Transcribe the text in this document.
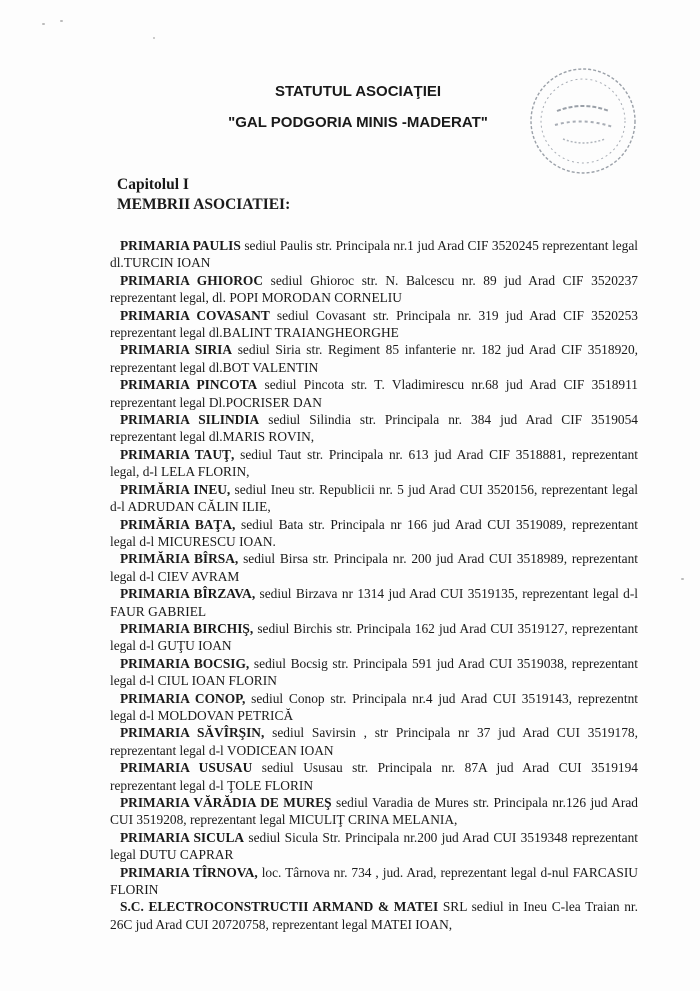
STATUTUL ASOCIAŢIEI
"GAL PODGORIA MINIS -MADERAT"
Capitolul I
MEMBRII ASOCIATIEI:
PRIMARIA PAULIS sediul Paulis str. Principala nr.1 jud Arad CIF 3520245 reprezentant legal dl.TURCIN IOAN
PRIMARIA GHIOROC sediul Ghioroc str. N. Balcescu nr. 89 jud Arad CIF 3520237 reprezentant legal, dl. POPI MORODAN CORNELIU
PRIMARIA COVASANT sediul Covasant str. Principala nr. 319 jud Arad CIF 3520253 reprezentant legal dl.BALINT TRAIANGHEORGHE
PRIMARIA SIRIA sediul Siria str. Regiment 85 infanterie nr. 182 jud Arad CIF 3518920, reprezentant legal dl.BOT VALENTIN
PRIMARIA PINCOTA sediul Pincota str. T. Vladimirescu nr.68 jud Arad CIF 3518911 reprezentant legal Dl.POCRISER DAN
PRIMARIA SILINDIA sediul Silindia str. Principala nr. 384 jud Arad CIF 3519054 reprezentant legal dl.MARIS ROVIN,
PRIMARIA TAUŢ, sediul Taut str. Principala nr. 613 jud Arad CIF 3518881, reprezentant legal, d-l LELA FLORIN,
PRIMĂRIA INEU, sediul Ineu str. Republicii nr. 5 jud Arad CUI 3520156, reprezentant legal d-l ADRUDAN CĂLIN ILIE,
PRIMĂRIA BAŢA, sediul Bata str. Principala nr 166 jud Arad CUI 3519089, reprezentant legal d-l MICURESCU IOAN.
PRIMĂRIA BÎRSA, sediul Birsa str. Principala nr. 200 jud Arad CUI 3518989, reprezentant legal d-l CIEV AVRAM
PRIMARIA BÎRZAVA, sediul Birzava nr 1314 jud Arad CUI 3519135, reprezentant legal d-l FAUR GABRIEL
PRIMARIA BIRCHIŞ, sediul Birchis str. Principala 162 jud Arad CUI 3519127, reprezentant legal d-l GUŢU IOAN
PRIMARIA BOCSIG, sediul Bocsig str. Principala 591 jud Arad CUI 3519038, reprezentant legal d-l CIUL IOAN FLORIN
PRIMARIA CONOP, sediul Conop str. Principala nr.4 jud Arad CUI 3519143, reprezentnt legal d-l MOLDOVAN PETRICĂ
PRIMARIA SĂVÎRŞIN, sediul Savirsin , str Principala nr 37 jud Arad CUI 3519178, reprezentant legal d-l VODICEAN IOAN
PRIMARIA USUSAU sediul Ususau str. Principala nr. 87A jud Arad CUI 3519194 reprezentant legal d-l ŢOLE FLORIN
PRIMARIA VĂRĂDIA DE MUREŞ sediul Varadia de Mures str. Principala nr.126 jud Arad CUI 3519208, reprezentant legal MICULIŢ CRINA MELANIA,
PRIMARIA SICULA sediul Sicula Str. Principala nr.200 jud Arad CUI 3519348 reprezentant legal DUTU CAPRAR
PRIMARIA TÎRNOVA, loc. Târnova nr. 734 , jud. Arad, reprezentant legal d-nul FARCASIU FLORIN
S.C. ELECTROCONSTRUCTII ARMAND & MATEI SRL sediul in Ineu C-lea Traian nr. 26C jud Arad CUI 20720758, reprezentant legal MATEI IOAN,
